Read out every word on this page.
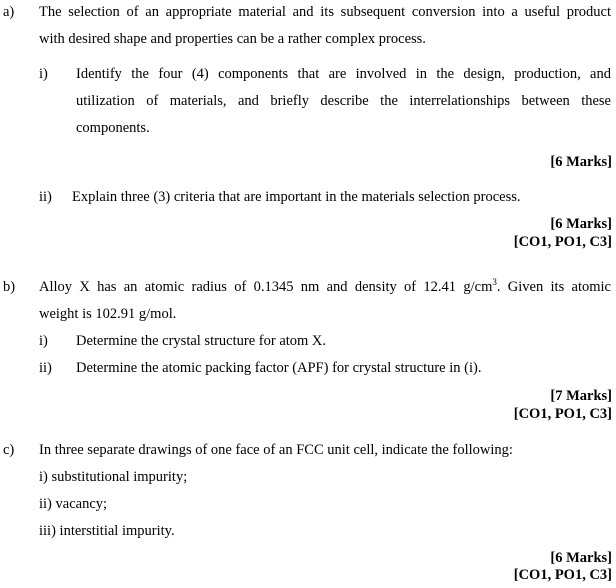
a) The selection of an appropriate material and its subsequent conversion into a useful product
with desired shape and properties can be a rather complex process.
i) Identify the four (4) components that are involved in the design, production, and
utilization of materials, and briefly describe the interrelationships between these
components.
[6 Marks]
ii) Explain three (3) criteria that are important in the materials selection process.
[6 Marks]
[CO1, PO1, C3]
b) Alloy X has an atomic radius of 0.1345 nm and density of 12.41 $g/cm^3$. Given its atomic
weight is 102.91 g/mol.
i) Determine the crystal structure for atom X.
ii) Determine the atomic packing factor (APF) for crystal structure in (i).
[7 Marks]
[CO1, PO1, C3]
c) In three separate drawings of one face of an FCC unit cell, indicate the following:
i) substitutional impurity;
ii) vacancy;
iii) interstitial impurity.
[6 Marks]
[CO1, PO1, C3]
